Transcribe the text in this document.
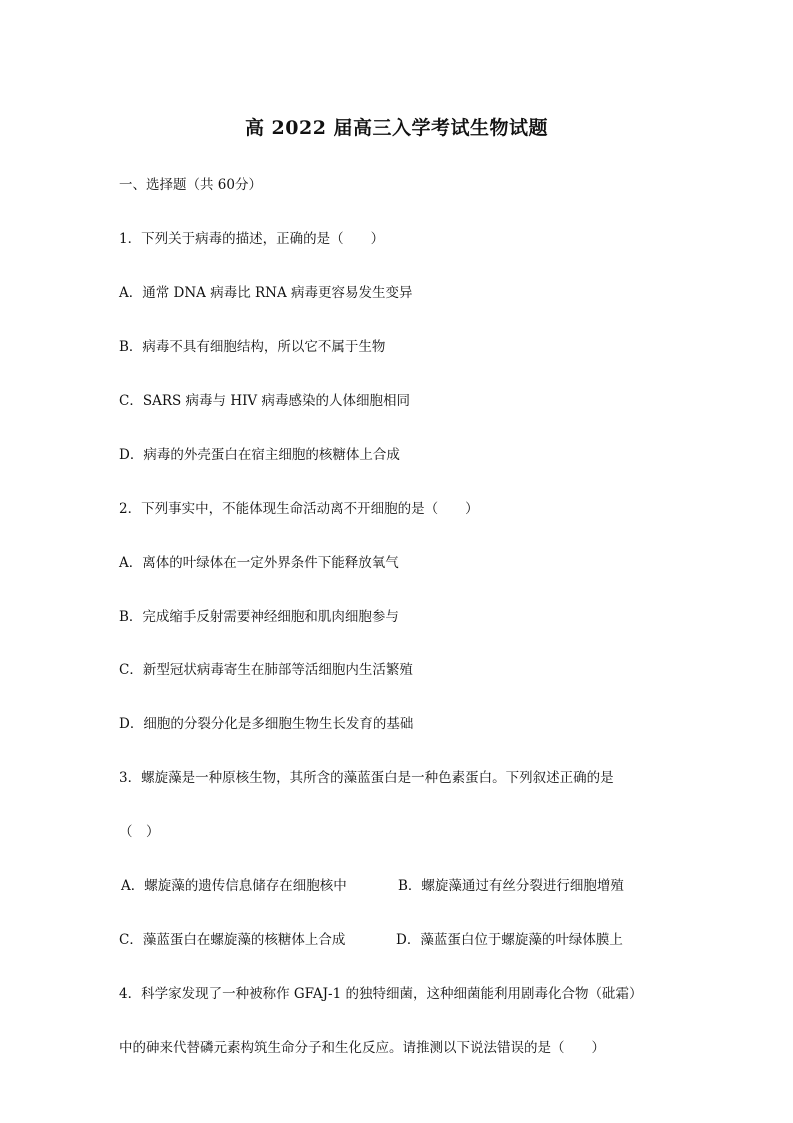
高 2022 届高三入学考试生物试题
一、选择题（共 60分）
1．下列关于病毒的描述，正确的是（　　）
A．通常 DNA 病毒比 RNA 病毒更容易发生变异
B．病毒不具有细胞结构，所以它不属于生物
C．SARS 病毒与 HIV 病毒感染的人体细胞相同
D．病毒的外壳蛋白在宿主细胞的核糖体上合成
2．下列事实中，不能体现生命活动离不开细胞的是（　　）
A．离体的叶绿体在一定外界条件下能释放氧气
B．完成缩手反射需要神经细胞和肌肉细胞参与
C．新型冠状病毒寄生在肺部等活细胞内生活繁殖
D．细胞的分裂分化是多细胞生物生长发育的基础
3．螺旋藻是一种原核生物，其所含的藻蓝蛋白是一种色素蛋白。下列叙述正确的是
（　）
A．螺旋藻的遗传信息储存在细胞核中	B．螺旋藻通过有丝分裂进行细胞增殖
C．藻蓝蛋白在螺旋藻的核糖体上合成	D．藻蓝蛋白位于螺旋藻的叶绿体膜上
4．科学家发现了一种被称作 GFAJ-1 的独特细菌，这种细菌能利用剧毒化合物（砒霜）
中的砷来代替磷元素构筑生命分子和生化反应。请推测以下说法错误的是（　　）
